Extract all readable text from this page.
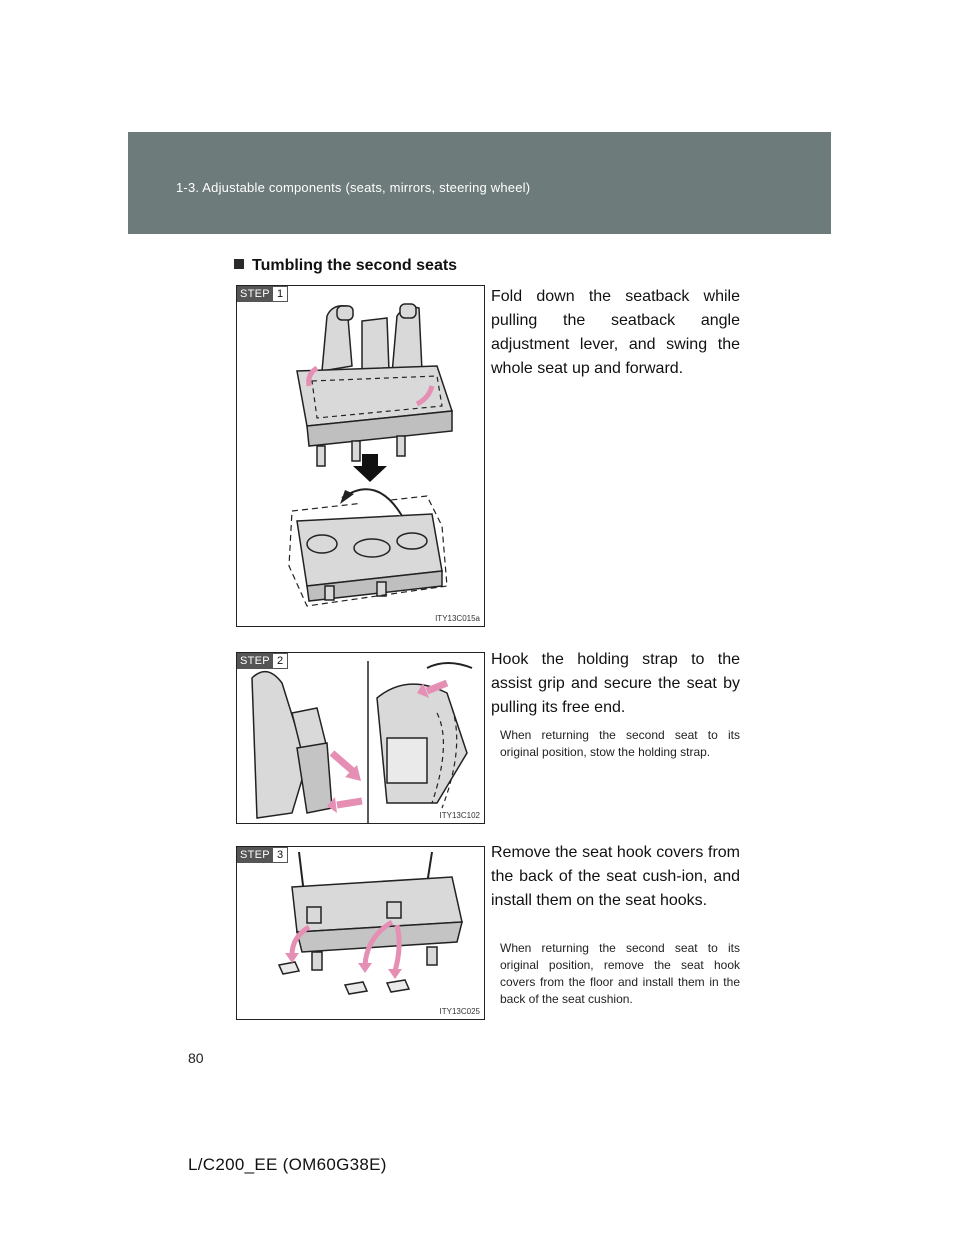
1-3. Adjustable components (seats, mirrors, steering wheel)
Tumbling the second seats
STEP 1
ITY13C015a
Fold down the seatback while pulling the seatback angle adjustment lever, and swing the whole seat up and forward.
STEP 2
ITY13C102
Hook the holding strap to the assist grip and secure the seat by pulling its free end.
When returning the second seat to its original position, stow the holding strap.
STEP 3
ITY13C025
Remove the seat hook covers from the back of the seat cush-ion, and install them on the seat hooks.
When returning the second seat to its original position, remove the seat hook covers from the floor and install them in the back of the seat cushion.
80
L/C200_EE (OM60G38E)
